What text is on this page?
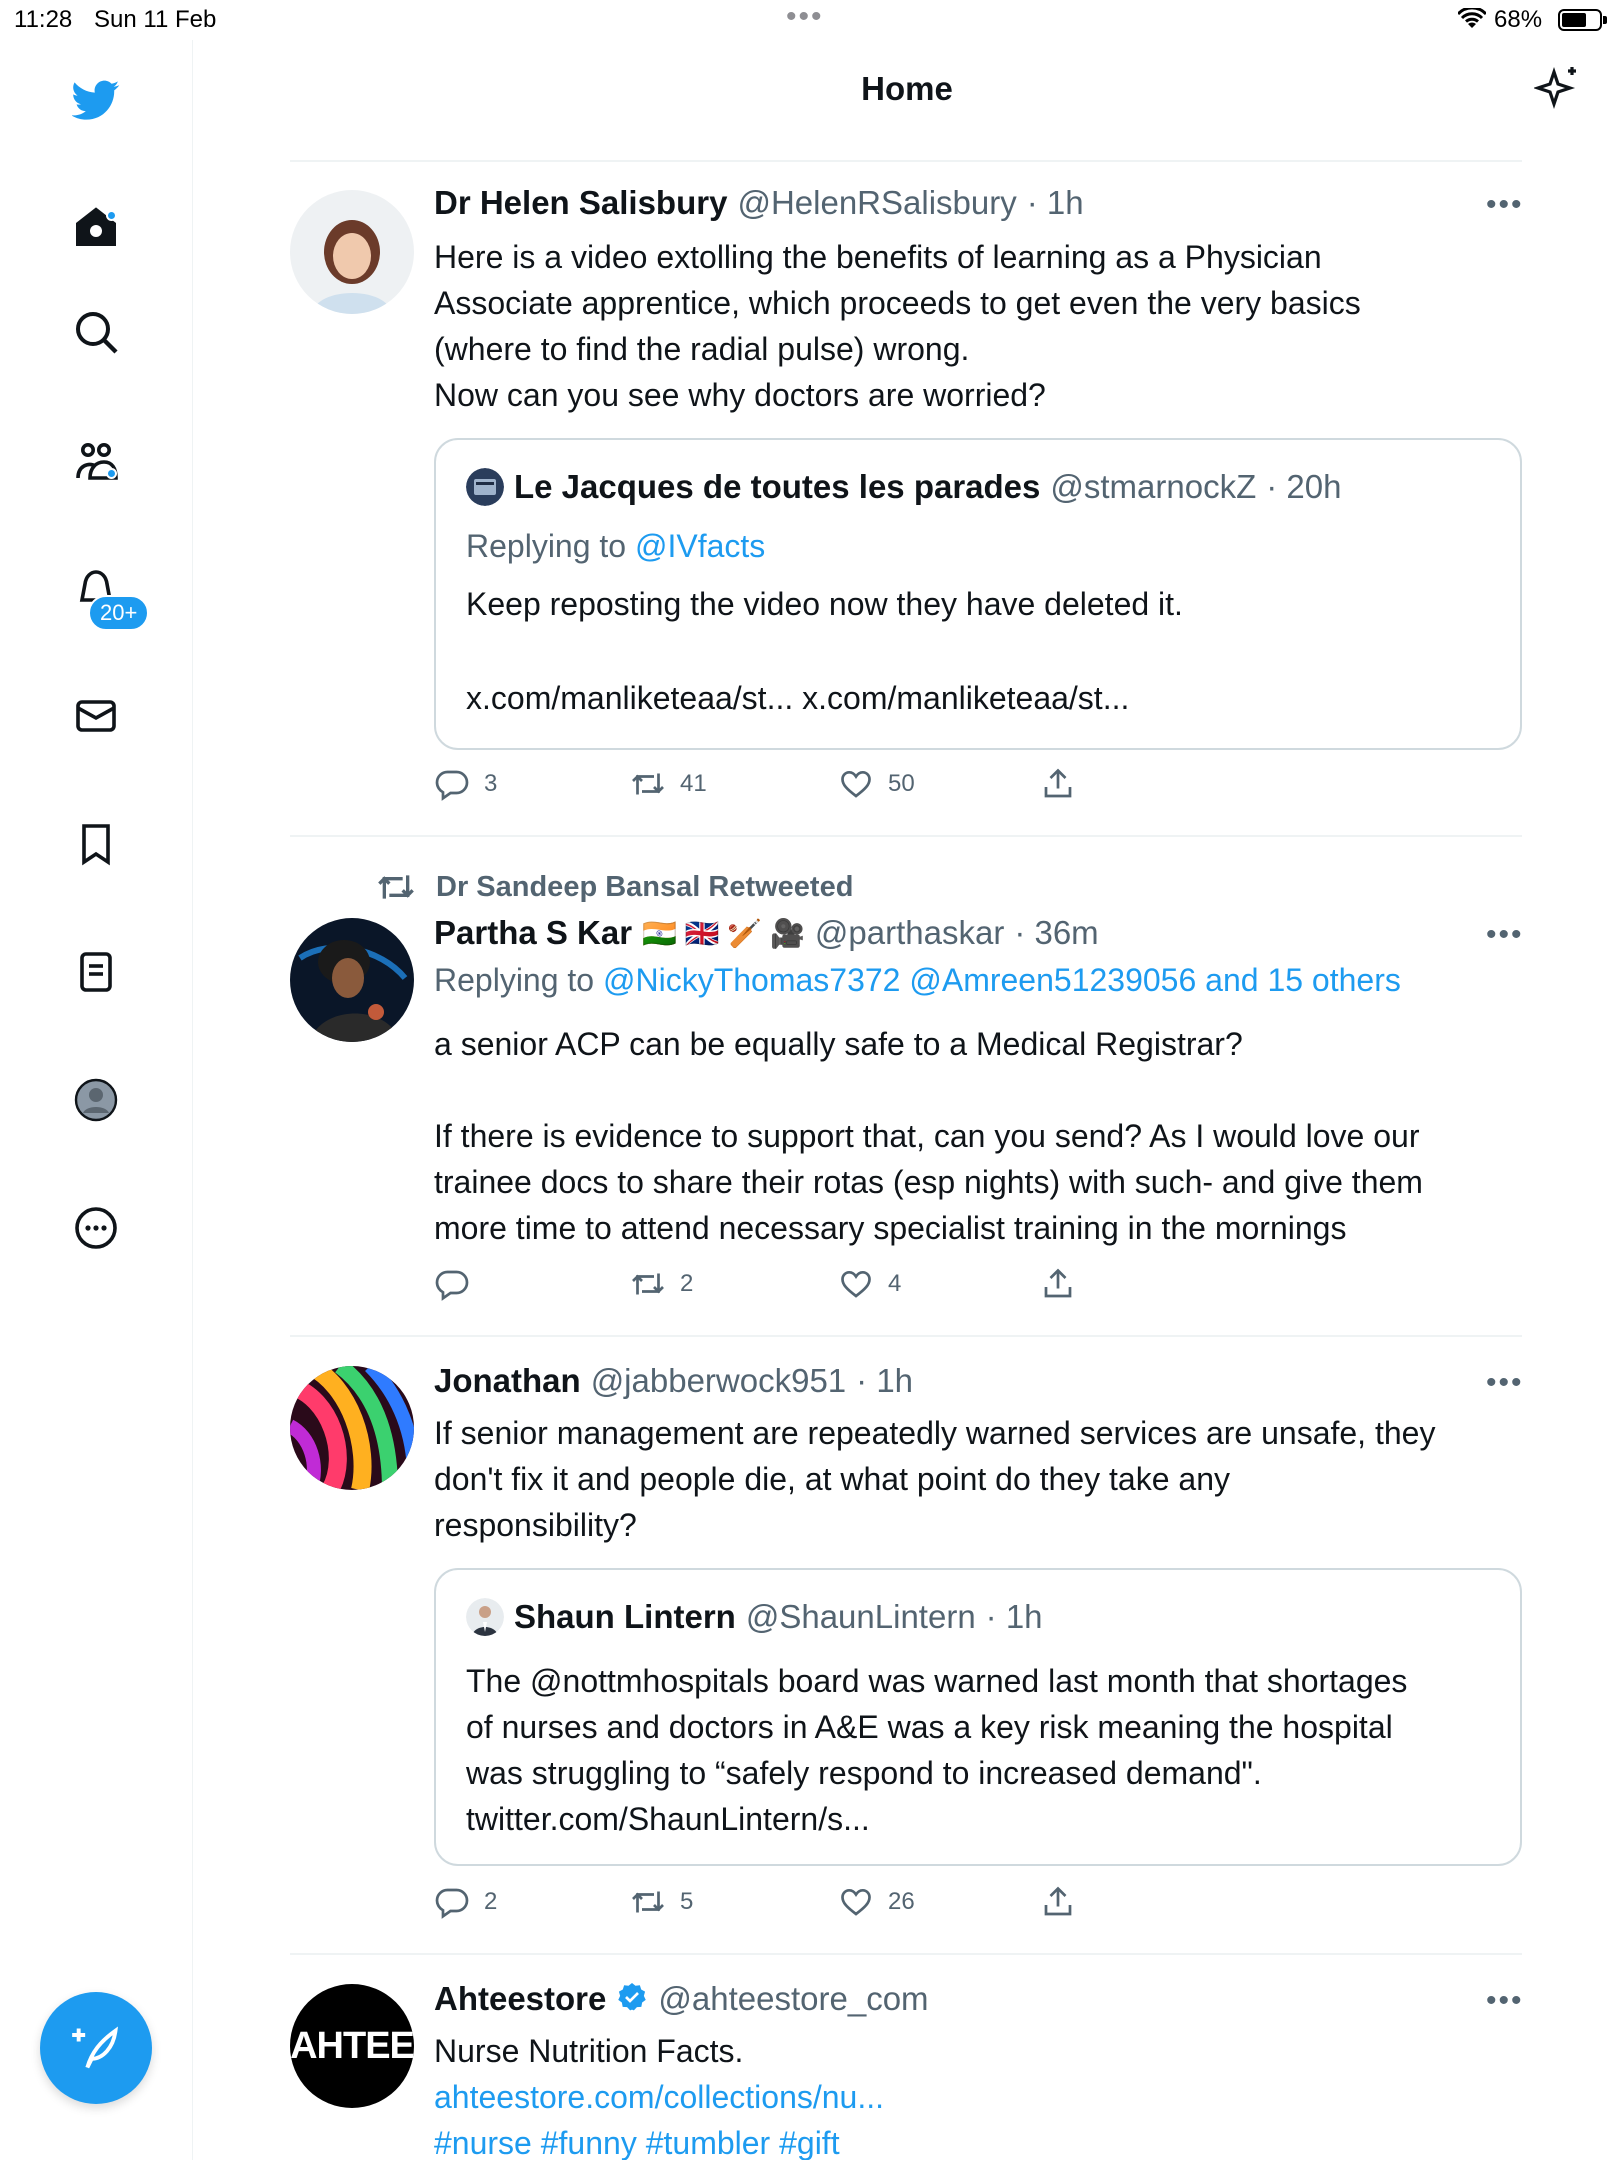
11:28 Sun 11 Feb	•••	68%
20+
Home
Dr Helen Salisbury @HelenRSalisbury · 1h	•••
Here is a video extolling the benefits of learning as a Physician
Associate apprentice, which proceeds to get even the very basics
(where to find the radial pulse) wrong.
Now can you see why doctors are worried?
Le Jacques de toutes les parades @stmarnockZ · 20h
Replying to @IVfacts
Keep reposting the video now they have deleted it.
x.com/manliketeaa/st... x.com/manliketeaa/st...
3	41	50
Dr Sandeep Bansal Retweeted
Partha S Kar 🇮🇳 🇬🇧 🏏 🎥 @parthaskar · 36m	•••
Replying to @NickyThomas7372 @Amreen51239056 and 15 others
a senior ACP can be equally safe to a Medical Registrar?
If there is evidence to support that, can you send? As I would love our
trainee docs to share their rotas (esp nights) with such- and give them
more time to attend necessary specialist training in the mornings
2	4
Jonathan @jabberwock951 · 1h	•••
If senior management are repeatedly warned services are unsafe, they
don't fix it and people die, at what point do they take any
responsibility?
Shaun Lintern @ShaunLintern · 1h
The @nottmhospitals board was warned last month that shortages
of nurses and doctors in A&E was a key risk meaning the hospital
was struggling to “safely respond to increased demand".
twitter.com/ShaunLintern/s...
2	5	26
AHTEE
Ahteestore @ahteestore_com	•••
Nurse Nutrition Facts.
ahteestore.com/collections/nu...
#nurse #funny #tumbler #gift
